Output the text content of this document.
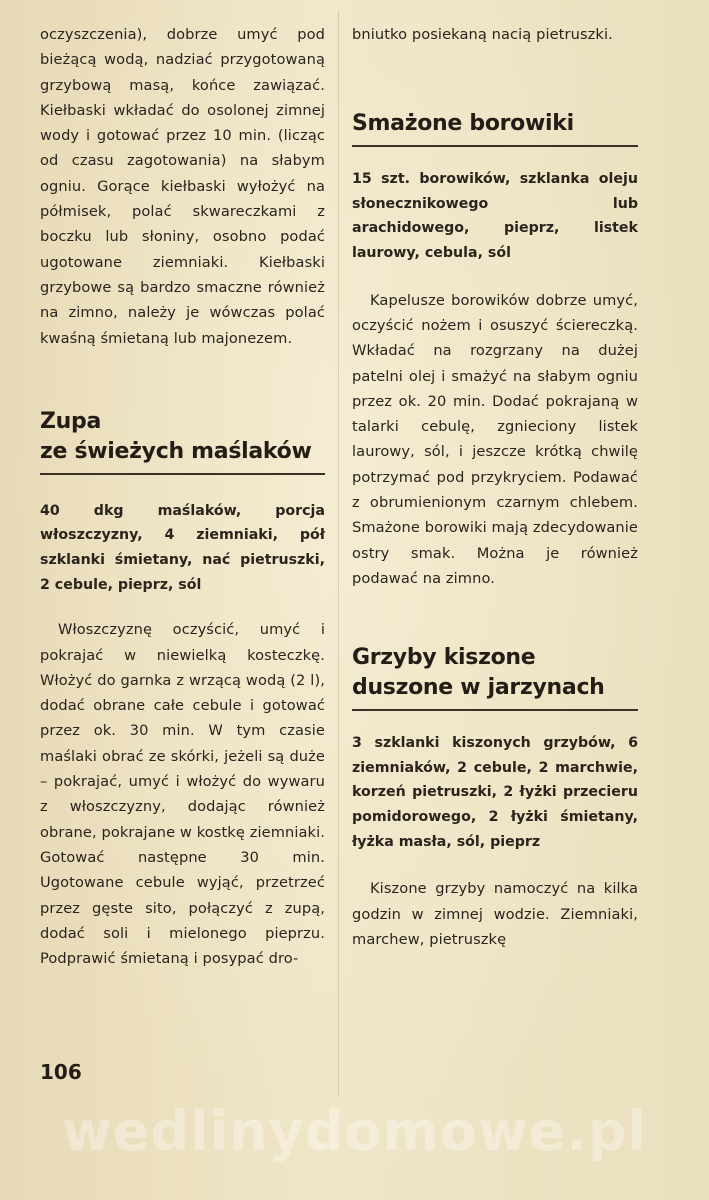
oczyszczenia), dobrze umyć pod bieżącą wodą, nadziać przygotowaną grzybową masą, końce zawiązać. Kiełbaski wkładać do osolonej zimnej wody i gotować przez 10 min. (licząc od czasu zagotowania) na słabym ogniu. Gorące kiełbaski wyłożyć na półmisek, polać skwareczkami z boczku lub słoniny, osobno podać ugotowane ziemniaki. Kiełbaski grzybowe są bardzo smaczne również na zimno, należy je wówczas polać kwaśną śmietaną lub majonezem.

Zupa
ze świeżych maślaków

40 dkg maślaków, porcja włoszczyzny, 4 ziemniaki, pół szklanki śmietany, nać pietruszki, 2 cebule, pieprz, sól

Włoszczyznę oczyścić, umyć i pokrajać w niewielką kosteczkę. Włożyć do garnka z wrzącą wodą (2 l), dodać obrane całe cebule i gotować przez ok. 30 min. W tym czasie maślaki obrać ze skórki, jeżeli są duże – pokrajać, umyć i włożyć do wywaru z włoszczyzny, dodając również obrane, pokrajane w kostkę ziemniaki. Gotować następne 30 min. Ugotowane cebule wyjąć, przetrzeć przez gęste sito, połączyć z zupą, dodać soli i mielonego pieprzu. Podprawić śmietaną i posypać dro-

bniutko posiekaną nacią pietruszki.

Smażone borowiki

15 szt. borowików, szklanka oleju słonecznikowego lub arachidowego, pieprz, listek laurowy, cebula, sól

Kapelusze borowików dobrze umyć, oczyścić nożem i osuszyć ściereczką. Wkładać na rozgrzany na dużej patelni olej i smażyć na słabym ogniu przez ok. 20 min. Dodać pokrajaną w talarki cebulę, zgnieciony listek laurowy, sól, i jeszcze krótką chwilę potrzymać pod przykryciem. Podawać z obrumienionym czarnym chlebem. Smażone borowiki mają zdecydowanie ostry smak. Można je również podawać na zimno.

Grzyby kiszone
duszone w jarzynach

3 szklanki kiszonych grzybów, 6 ziemniaków, 2 cebule, 2 marchwie, korzeń pietruszki, 2 łyżki przecieru pomidorowego, 2 łyżki śmietany, łyżka masła, sól, pieprz

Kiszone grzyby namoczyć na kilka godzin w zimnej wodzie. Ziemniaki, marchew, pietruszkę

106
wedlinydomowe.pl
